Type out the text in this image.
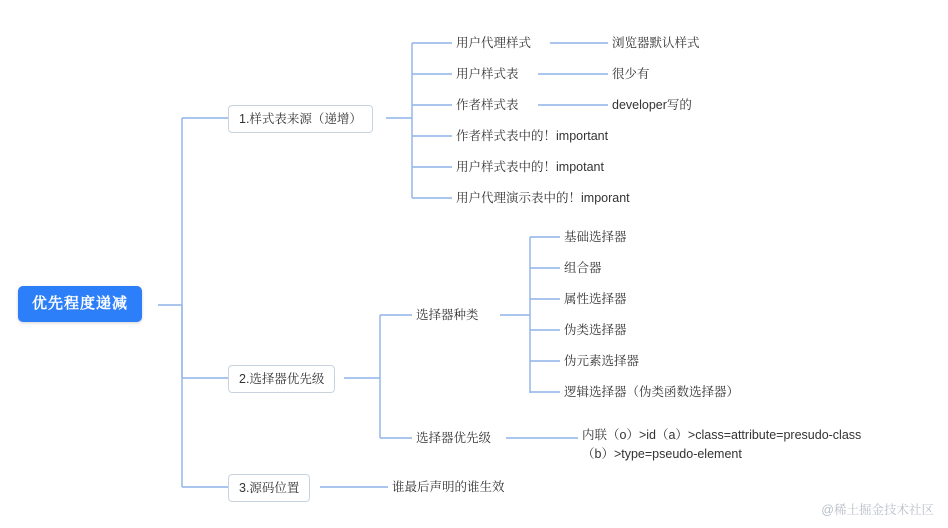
优先程度递减
1.样式表来源（递增）
2.选择器优先级
3.源码位置
用户代理样式
用户样式表
作者样式表
作者样式表中的！important
用户样式表中的！impotant
用户代理演示表中的！imporant
浏览器默认样式
很少有
developer写的
选择器种类
选择器优先级
基础选择器
组合器
属性选择器
伪类选择器
伪元素选择器
逻辑选择器（伪类函数选择器）
内联（o）>id（a）>class=attribute=presudo-class（b）>type=pseudo-element
谁最后声明的谁生效
@稀土掘金技术社区
